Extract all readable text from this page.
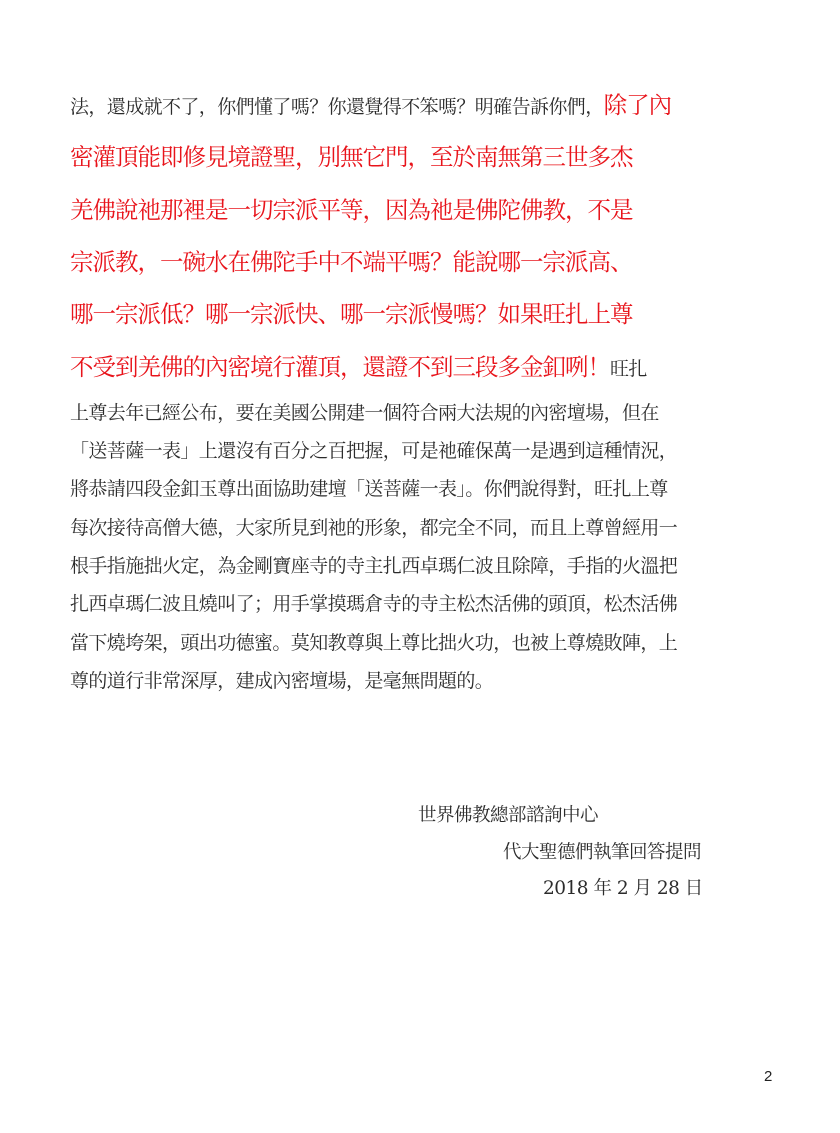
法，還成就不了，你們懂了嗎？你還覺得不笨嗎？明確告訴你們，除了內
密灌頂能即修見境證聖，別無它門，至於南無第三世多杰
羌佛說祂那裡是一切宗派平等，因為祂是佛陀佛教，不是
宗派教，一碗水在佛陀手中不端平嗎？能說哪一宗派高、
哪一宗派低？哪一宗派快、哪一宗派慢嗎？如果旺扎上尊
不受到羌佛的內密境行灌頂，還證不到三段多金釦咧！旺扎
上尊去年已經公布，要在美國公開建一個符合兩大法規的內密壇場，但在
「送菩薩一表」上還沒有百分之百把握，可是祂確保萬一是遇到這種情況，
將恭請四段金釦玉尊出面協助建壇「送菩薩一表」。你們說得對，旺扎上尊
每次接待高僧大德，大家所見到祂的形象，都完全不同，而且上尊曾經用一
根手指施拙火定，為金剛寶座寺的寺主扎西卓瑪仁波且除障，手指的火溫把
扎西卓瑪仁波且燒叫了；用手掌摸瑪倉寺的寺主松杰活佛的頭頂，松杰活佛
當下燒垮架，頭出功德蜜。莫知教尊與上尊比拙火功，也被上尊燒敗陣，上
尊的道行非常深厚，建成內密壇場，是毫無問題的。
世界佛教總部諮詢中心
代大聖德們執筆回答提問
2018 年 2 月 28 日
2
